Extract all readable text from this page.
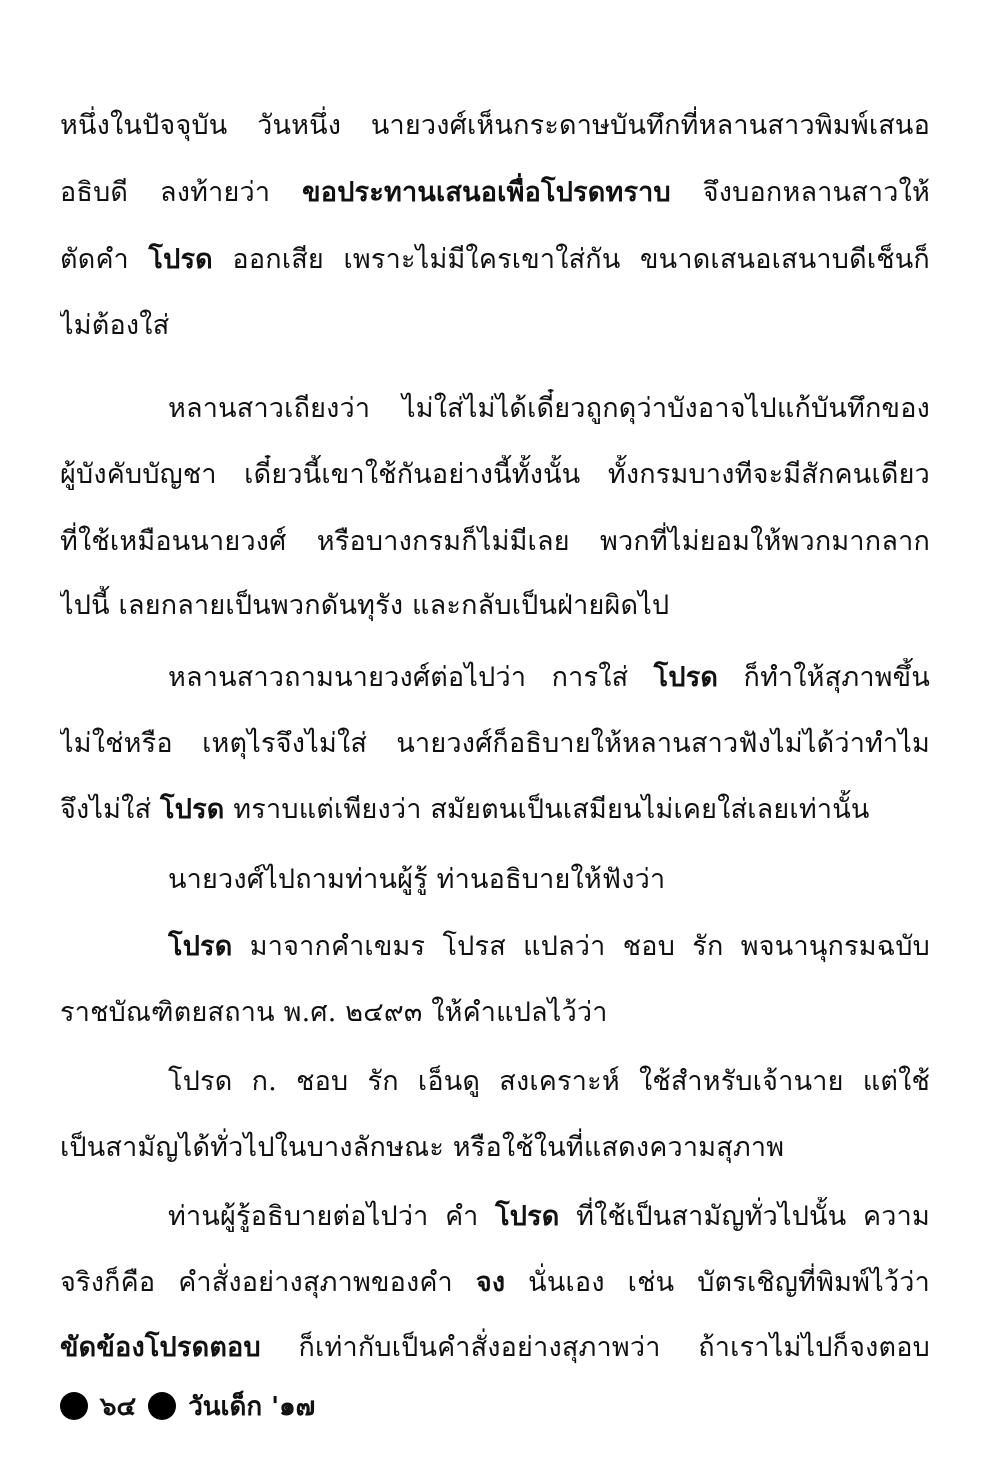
หนึ่งในปัจจุบัน วันหนึ่ง นายวงศ์เห็นกระดาษบันทึกที่หลานสาวพิมพ์เสนอ
อธิบดี ลงท้ายว่า ขอประทานเสนอเพื่อโปรดทราบ จึงบอกหลานสาวให้
ตัดคำ โปรด ออกเสีย เพราะไม่มีใครเขาใส่กัน ขนาดเสนอเสนาบดีเช็นก็
ไม่ต้องใส่
หลานสาวเถียงว่า ไม่ใส่ไม่ได้เดี๋ยวถูกดุว่าบังอาจไปแก้บันทึกของ
ผู้บังคับบัญชา เดี๋ยวนี้เขาใช้กันอย่างนี้ทั้งนั้น ทั้งกรมบางทีจะมีสักคนเดียว
ที่ใช้เหมือนนายวงศ์ หรือบางกรมก็ไม่มีเลย พวกที่ไม่ยอมให้พวกมากลาก
ไปนี้ เลยกลายเป็นพวกดันทุรัง และกลับเป็นฝ่ายผิดไป
หลานสาวถามนายวงศ์ต่อไปว่า การใส่ โปรด ก็ทำให้สุภาพขึ้น
ไม่ใช่หรือ เหตุไรจึงไม่ใส่ นายวงศ์ก็อธิบายให้หลานสาวฟังไม่ได้ว่าทำไม
จึงไม่ใส่ โปรด ทราบแต่เพียงว่า สมัยตนเป็นเสมียนไม่เคยใส่เลยเท่านั้น
นายวงศ์ไปถามท่านผู้รู้ ท่านอธิบายให้ฟังว่า
โปรด มาจากคำเขมร โปรส แปลว่า ชอบ รัก พจนานุกรมฉบับ
ราชบัณฑิตยสถาน พ.ศ. ๒๔๙๓ ให้คำแปลไว้ว่า
โปรด ก. ชอบ รัก เอ็นดู สงเคราะห์ ใช้สำหรับเจ้านาย แต่ใช้
เป็นสามัญได้ทั่วไปในบางลักษณะ หรือใช้ในที่แสดงความสุภาพ
ท่านผู้รู้อธิบายต่อไปว่า คำ โปรด ที่ใช้เป็นสามัญทั่วไปนั้น ความ
จริงก็คือ คำสั่งอย่างสุภาพของคำ จง นั่นเอง เช่น บัตรเชิญที่พิมพ์ไว้ว่า
ขัดข้องโปรดตอบ ก็เท่ากับเป็นคำสั่งอย่างสุภาพว่า ถ้าเราไม่ไปก็จงตอบ
๖๔ วันเด็ก '๑๗
